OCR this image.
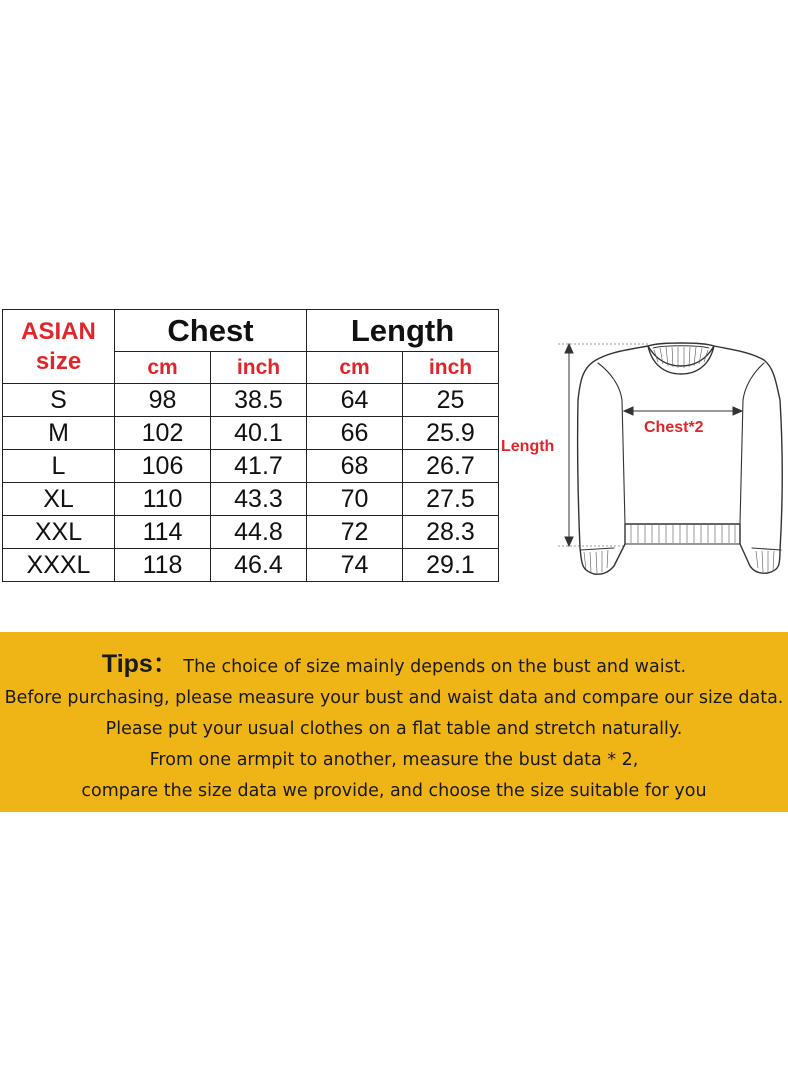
ASIAN
size	Chest		Length	
	cm	inch	cm	inch
S	98	38.5	64	25
M	102	40.1	66	25.9
L	106	41.7	68	26.7
XL	110	43.3	70	27.5
XXL	114	44.8	72	28.3
XXXL	118	46.4	74	29.1
Length
Chest*2

Tips： The choice of size mainly depends on the bust and waist.

Before purchasing, please measure your bust and waist data and compare our size data.

Please put your usual clothes on a flat table and stretch naturally.

From one armpit to another, measure the bust data * 2,

compare the size data we provide, and choose the size suitable for you
